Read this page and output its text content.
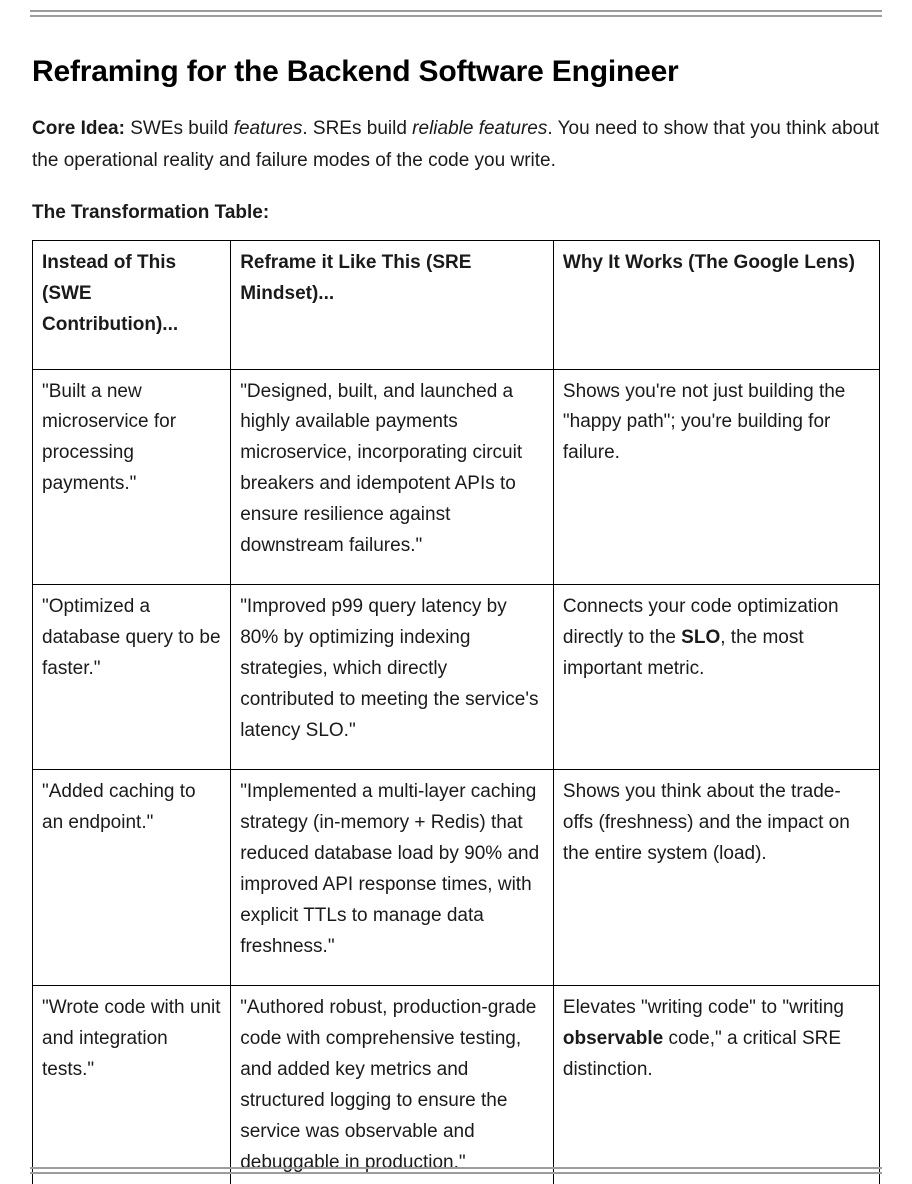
Reframing for the Backend Software Engineer

Core Idea: SWEs build features. SREs build reliable features. You need to show that you think about the operational reality and failure modes of the code you write.

The Transformation Table:

Instead of This (SWE Contribution)...	Reframe it Like This (SRE Mindset)...	Why It Works (The Google Lens)
"Built a new microservice for processing payments."	"Designed, built, and launched a highly available payments microservice, incorporating circuit breakers and idempotent APIs to ensure resilience against downstream failures."	Shows you're not just building the "happy path"; you're building for failure.
"Optimized a database query to be faster."	"Improved p99 query latency by 80% by optimizing indexing strategies, which directly contributed to meeting the service's latency SLO."	Connects your code optimization directly to the SLO, the most important metric.
"Added caching to an endpoint."	"Implemented a multi-layer caching strategy (in-memory + Redis) that reduced database load by 90% and improved API response times, with explicit TTLs to manage data freshness."	Shows you think about the trade-offs (freshness) and the impact on the entire system (load).
"Wrote code with unit and integration tests."	"Authored robust, production-grade code with comprehensive testing, and added key metrics and structured logging to ensure the service was observable and debuggable in production."	Elevates "writing code" to "writing observable code," a critical SRE distinction.
